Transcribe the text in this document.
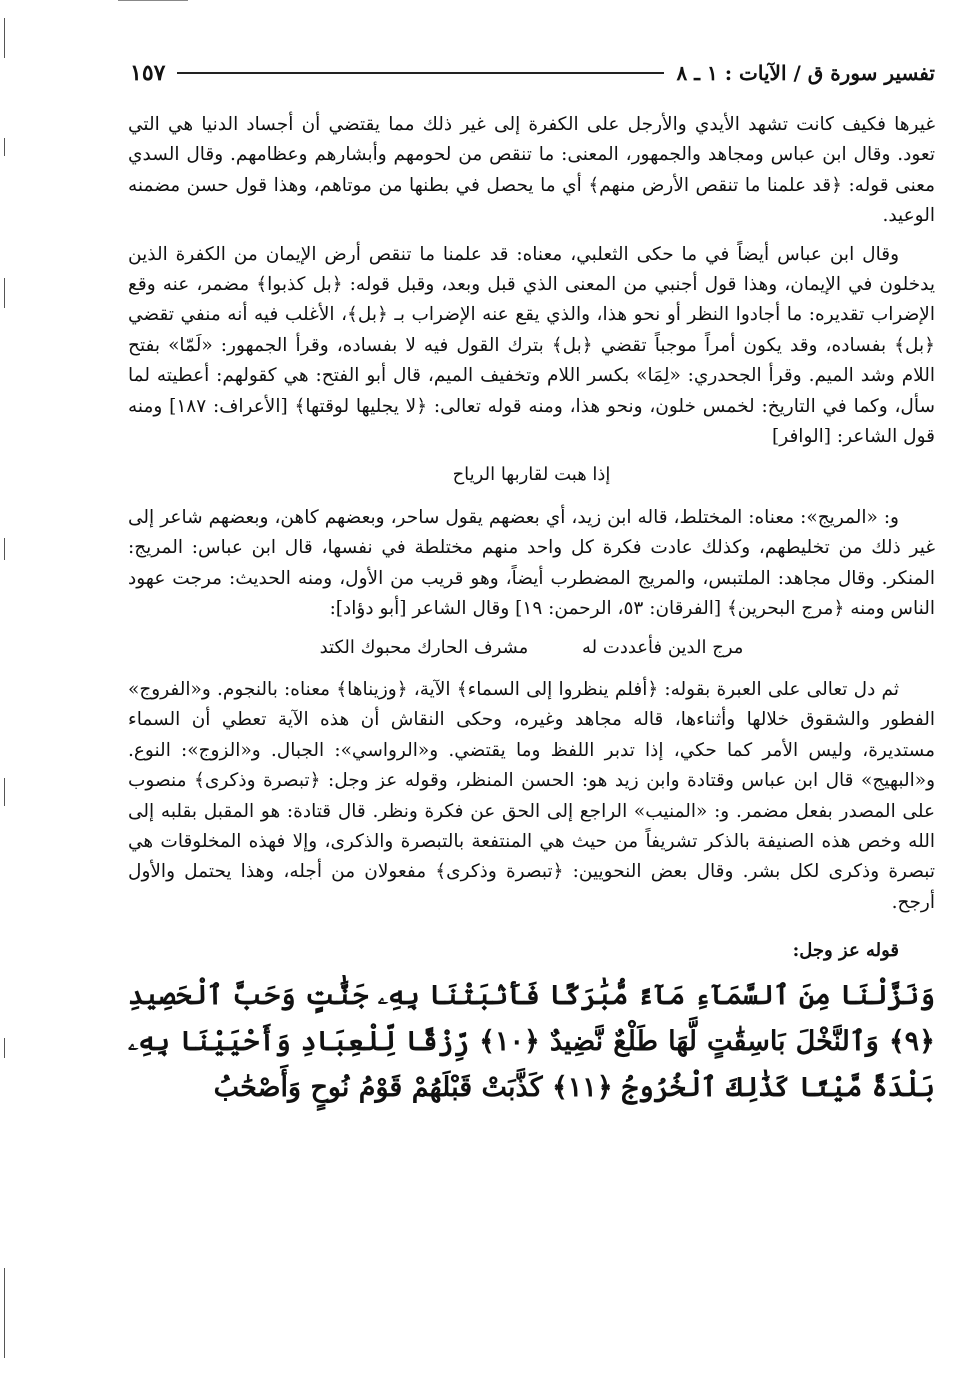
تفسير سورة ق / الآيات : ١ ـ ٨
١٥٧

غيرها فكيف كانت تشهد الأيدي والأرجل على الكفرة إلى غير ذلك مما يقتضي أن أجساد الدنيا هي التي تعود. وقال ابن عباس ومجاهد والجمهور، المعنى: ما تنقص من لحومهم وأبشارهم وعظامهم. وقال السدي معنى قوله: ﴿قد علمنا ما تنقص الأرض منهم﴾ أي ما يحصل في بطنها من موتاهم، وهذا قول حسن مضمنه الوعيد.

وقال ابن عباس أيضاً في ما حكى الثعلبي، معناه: قد علمنا ما تنقص أرض الإيمان من الكفرة الذين يدخلون في الإيمان، وهذا قول أجنبي من المعنى الذي قبل وبعد، وقبل قوله: ﴿بل كذبوا﴾ مضمر، عنه وقع الإضراب تقديره: ما أجادوا النظر أو نحو هذا، والذي يقع عنه الإضراب بـ ﴿بل﴾، الأغلب فيه أنه منفي تقضي ﴿بل﴾ بفساده، وقد يكون أمراً موجباً تقضي ﴿بل﴾ بترك القول فيه لا بفساده، وقرأ الجمهور: «لَمّا» بفتح اللام وشد الميم. وقرأ الجحدري: «لِمَا» بكسر اللام وتخفيف الميم، قال أبو الفتح: هي كقولهم: أعطيته لما سأل، وكما في التاريخ: لخمس خلون، ونحو هذا، ومنه قوله تعالى: ﴿لا يجليها لوقتها﴾ [الأعراف: ١٨٧] ومنه قول الشاعر: [الوافر]

إذا هبت لقاربها الرياح

و: «المريج»: معناه: المختلط، قاله ابن زيد، أي بعضهم يقول ساحر، وبعضهم كاهن، وبعضهم شاعر إلى غير ذلك من تخليطهم، وكذلك عادت فكرة كل واحد منهم مختلطة في نفسها، قال ابن عباس: المريج: المنكر. وقال مجاهد: الملتبس، والمريج المضطرب أيضاً، وهو قريب من الأول، ومنه الحديث: مرجت عهود الناس ومنه ﴿مرج البحرين﴾ [الفرقان: ٥٣، الرحمن: ١٩] وقال الشاعر [أبو دؤاد]:

مرج الدين فأعددت له مشرف الحارك محبوك الكتد

ثم دل تعالى على العبرة بقوله: ﴿أفلم ينظروا إلى السماء﴾ الآية، ﴿وزيناها﴾ معناه: بالنجوم. و«الفروج» الفطور والشقوق خلالها وأثناءها، قاله مجاهد وغيره، وحكى النقاش أن هذه الآية تعطي أن السماء مستديرة، وليس الأمر كما حكي، إذا تدبر اللفظ وما يقتضي. و«الرواسي»: الجبال. و«الزوج»: النوع. و«البهيج» قال ابن عباس وقتادة وابن زيد هو: الحسن المنظر، وقوله عز وجل: ﴿تبصرة وذكرى﴾ منصوب على المصدر بفعل مضمر. و: «المنيب» الراجع إلى الحق عن فكرة ونظر. قال قتادة: هو المقبل بقلبه إلى الله وخص هذه الصنيفة بالذكر تشريفاً من حيث هي المنتفعة بالتبصرة والذكرى، وإلا فهذه المخلوقات هي تبصرة وذكرى لكل بشر. وقال بعض النحويين: ﴿تبصرة وذكرى﴾ مفعولان من أجله، وهذا يحتمل والأول أرجح.

قوله عز وجل:

وَنَزَّلْنَا مِنَ ٱلسَّمَآءِ مَآءً مُّبَٰرَكًا فَأَنۢبَتْنَا بِهِۦ جَنَّٰتٍ وَحَبَّ ٱلْحَصِيدِ ﴿٩﴾ وَٱلنَّخْلَ بَاسِقَٰتٍ لَّهَا طَلْعٌ نَّضِيدٌ ﴿١٠﴾ رِّزْقًا لِّلْعِبَادِ وَأَحْيَيْنَا بِهِۦ بَلْدَةً مَّيْتًا كَذَٰلِكَ ٱلْخُرُوجُ ﴿١١﴾ كَذَّبَتْ قَبْلَهُمْ قَوْمُ نُوحٍ وَأَصْحَٰبُ
